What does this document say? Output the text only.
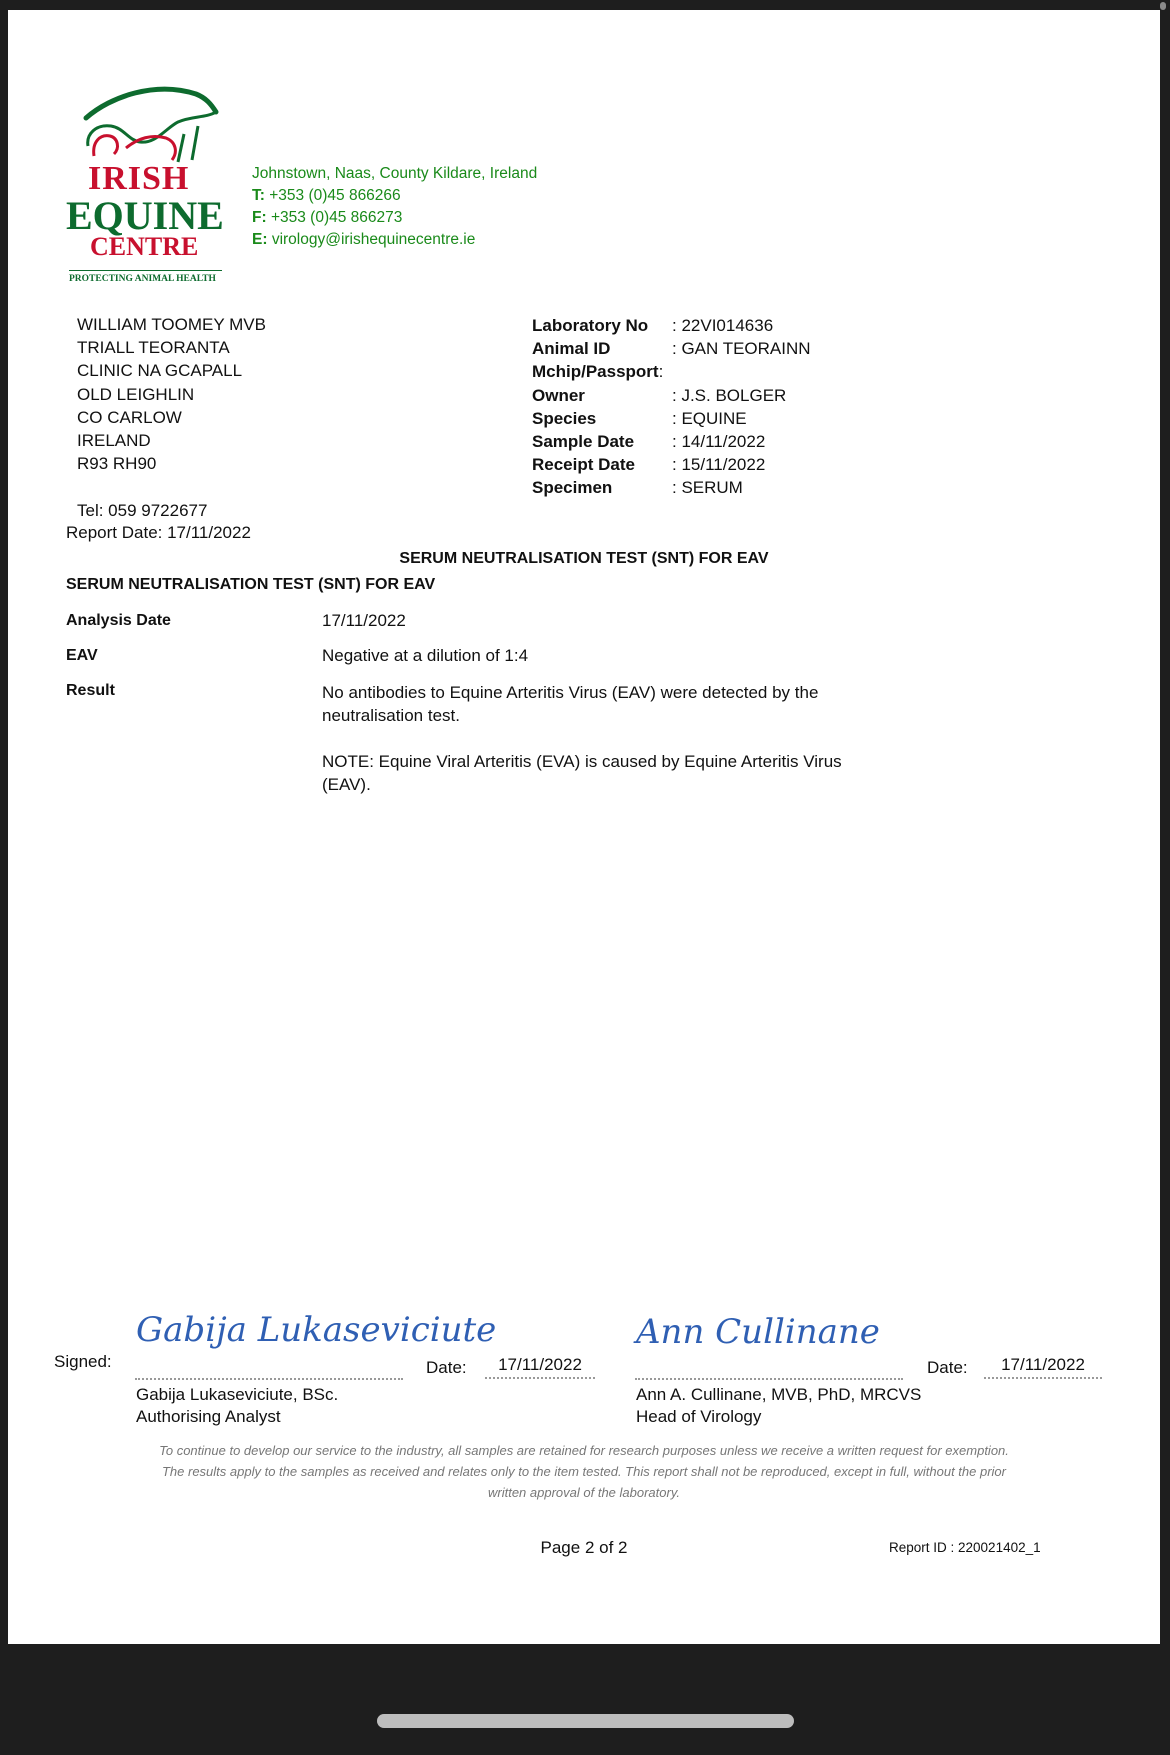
IRISH
EQUINE
CENTRE
PROTECTING ANIMAL HEALTH
Johnstown, Naas, County Kildare, Ireland
T: +353 (0)45 866266
F: +353 (0)45 866273
E: virology@irishequinecentre.ie
WILLIAM TOOMEY MVB
TRIALL TEORANTA
CLINIC NA GCAPALL
OLD LEIGHLIN
CO CARLOW
IRELAND
R93 RH90
Tel: 059 9722677
Report Date: 17/11/2022
Laboratory No : 22VI014636
Animal ID	: GAN TEORAINN
Mchip/Passport:
Owner	: J.S. BOLGER
Species	: EQUINE
Sample Date : 14/11/2022
Receipt Date : 15/11/2022
Specimen	: SERUM
SERUM NEUTRALISATION TEST (SNT) FOR EAV
SERUM NEUTRALISATION TEST (SNT) FOR EAV
Analysis Date	17/11/2022
EAV	Negative at a dilution of 1:4
Result	No antibodies to Equine Arteritis Virus (EAV) were detected by the
neutralisation test.
NOTE: Equine Viral Arteritis (EVA) is caused by Equine Arteritis Virus
(EAV).
Signed:
Gabija Lukaseviciute
Date:	17/11/2022
Ann Cullinane
Date:	17/11/2022
Gabija Lukaseviciute, BSc.
Authorising Analyst
Ann A. Cullinane, MVB, PhD, MRCVS
Head of Virology
To continue to develop our service to the industry, all samples are retained for research purposes unless we receive a written request for exemption.
The results apply to the samples as received and relates only to the item tested. This report shall not be reproduced, except in full, without the prior
written approval of the laboratory.
Page 2 of 2	Report ID : 220021402_1
